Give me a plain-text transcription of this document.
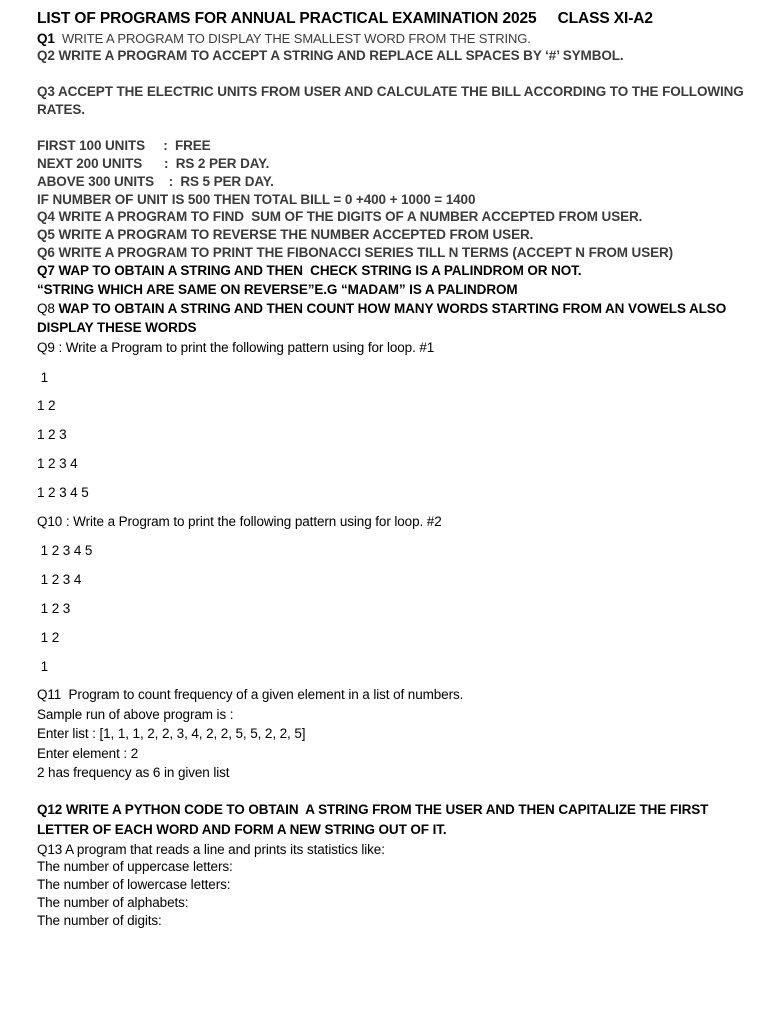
LIST OF PROGRAMS FOR ANNUAL PRACTICAL EXAMINATION 2025     CLASS XI-A2
Q1  WRITE A PROGRAM TO DISPLAY THE SMALLEST WORD FROM THE STRING.
Q2 WRITE A PROGRAM TO ACCEPT A STRING AND REPLACE ALL SPACES BY ‘#’ SYMBOL.
Q3 ACCEPT THE ELECTRIC UNITS FROM USER AND CALCULATE THE BILL ACCORDING TO THE FOLLOWING
RATES.
FIRST 100 UNITS     :  FREE
NEXT 200 UNITS      :  RS 2 PER DAY.
ABOVE 300 UNITS    :  RS 5 PER DAY.
IF NUMBER OF UNIT IS 500 THEN TOTAL BILL = 0 +400 + 1000 = 1400
Q4 WRITE A PROGRAM TO FIND  SUM OF THE DIGITS OF A NUMBER ACCEPTED FROM USER.
Q5 WRITE A PROGRAM TO REVERSE THE NUMBER ACCEPTED FROM USER.
Q6 WRITE A PROGRAM TO PRINT THE FIBONACCI SERIES TILL N TERMS (ACCEPT N FROM USER)
Q7 WAP TO OBTAIN A STRING AND THEN  CHECK STRING IS A PALINDROM OR NOT.
“STRING WHICH ARE SAME ON REVERSE”E.G “MADAM” IS A PALINDROM
Q8 WAP TO OBTAIN A STRING AND THEN COUNT HOW MANY WORDS STARTING FROM AN VOWELS ALSO
DISPLAY THESE WORDS
Q9 : Write a Program to print the following pattern using for loop. #1
1
1 2
1 2 3
1 2 3 4
1 2 3 4 5
Q10 : Write a Program to print the following pattern using for loop. #2
1 2 3 4 5
1 2 3 4
1 2 3
1 2
1
Q11  Program to count frequency of a given element in a list of numbers.
Sample run of above program is :
Enter list : [1, 1, 1, 2, 2, 3, 4, 2, 2, 5, 5, 2, 2, 5]
Enter element : 2
2 has frequency as 6 in given list
Q12 WRITE A PYTHON CODE TO OBTAIN  A STRING FROM THE USER AND THEN CAPITALIZE THE FIRST
LETTER OF EACH WORD AND FORM A NEW STRING OUT OF IT.
Q13 A program that reads a line and prints its statistics like:
The number of uppercase letters:
The number of lowercase letters:
The number of alphabets:
The number of digits:
